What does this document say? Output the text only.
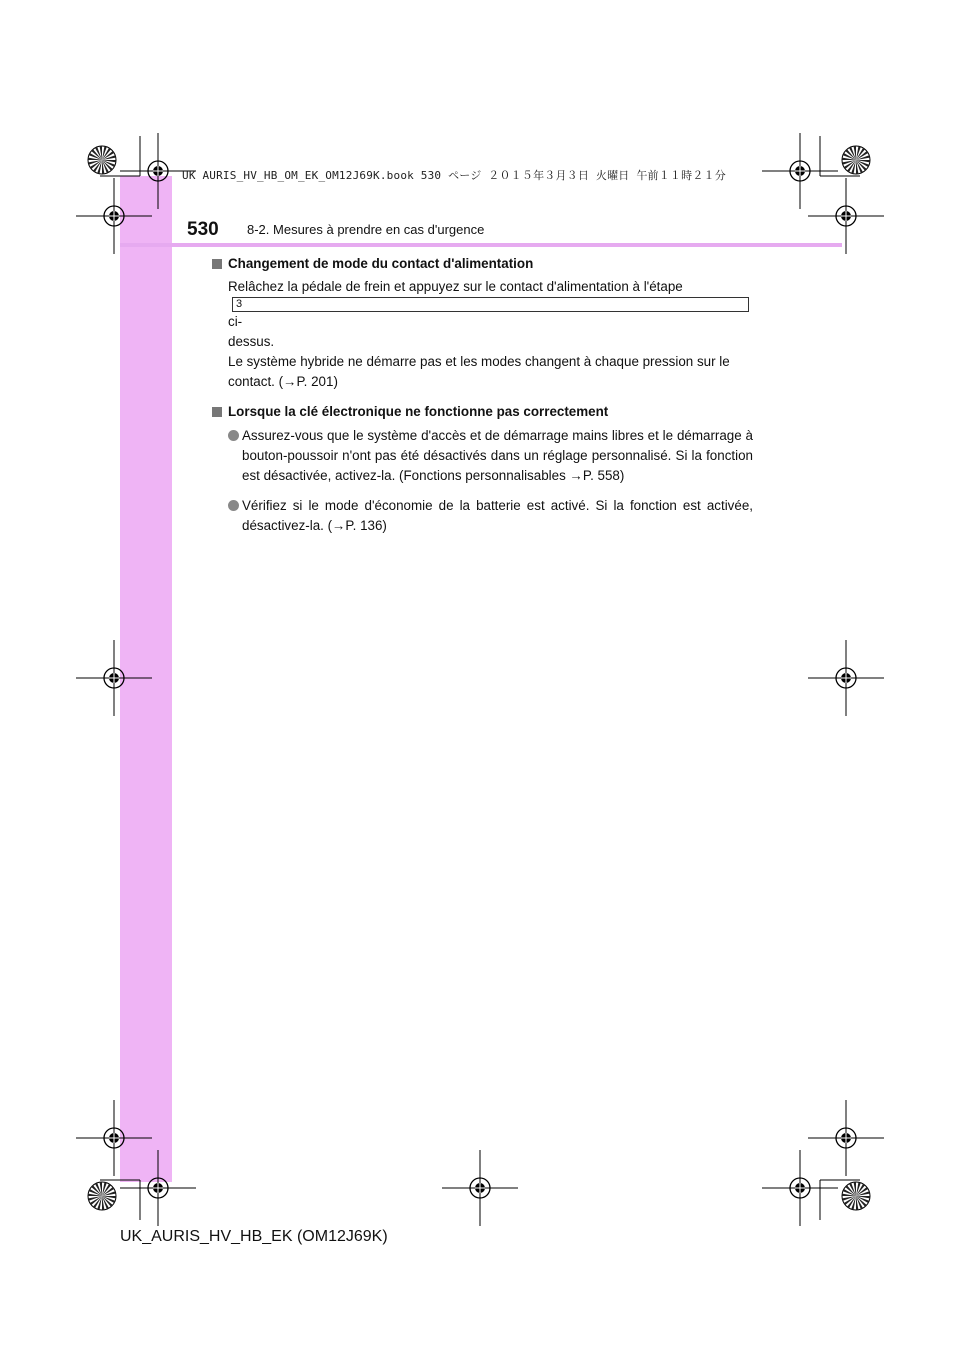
UK AURIS_HV_HB_OM_EK_OM12J69K.book 530 ページ ２０１５年３月３日 火曜日 午前１１時２１分
530 8-2. Mesures à prendre en cas d'urgence
Changement de mode du contact d'alimentation
Relâchez la pédale de frein et appuyez sur le contact d'alimentation à l'étape
3
ci-
dessus.
Le système hybride ne démarre pas et les modes changent à chaque pression sur le
contact. (→P. 201)
Lorsque la clé électronique ne fonctionne pas correctement
Assurez-vous que le système d'accès et de démarrage mains libres et le démarrage à bouton-poussoir n'ont pas été désactivés dans un réglage personnalisé. Si la fonction est désactivée, activez-la. (Fonctions personnalisables →P. 558)
Vérifiez si le mode d'économie de la batterie est activé. Si la fonction est activée, désactivez-la. (→P. 136)
UK_AURIS_HV_HB_EK (OM12J69K)
